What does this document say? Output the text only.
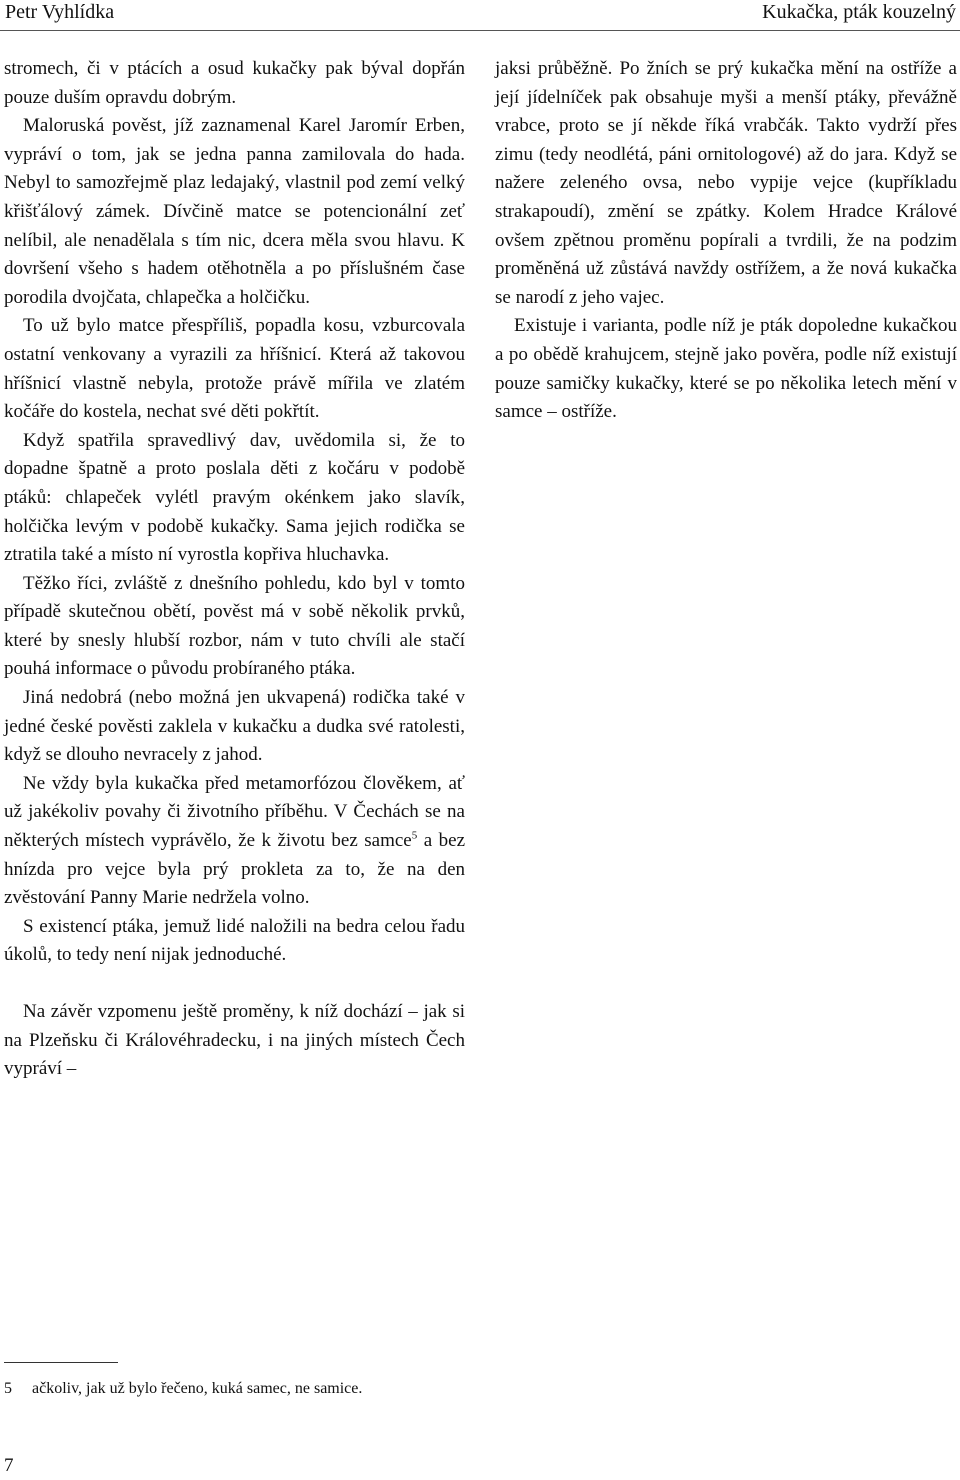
Petr Vyhlídka	Kukačka, pták kouzelný

stromech, či v ptácích a osud kukačky pak býval dopřán pouze duším opravdu dobrým.

Maloruská pověst, jíž zaznamenal Karel Jaromír Erben, vypráví o tom, jak se jedna panna zamilovala do hada. Nebyl to samozřejmě plaz ledajaký, vlastnil pod zemí velký křišťálový zámek. Dívčině matce se potencionální zeť nelíbil, ale nenadělala s tím nic, dcera měla svou hlavu. K dovršení všeho s hadem otěhotněla a po příslušném čase porodila dvojčata, chlapečka a holčičku.

To už bylo matce přespříliš, popadla kosu, vzburcovala ostatní venkovany a vyrazili za hříšnicí. Která až takovou hříšnicí vlastně nebyla, protože právě mířila ve zlatém kočáře do kostela, nechat své děti pokřtít.

Když spatřila spravedlivý dav, uvědomila si, že to dopadne špatně a proto poslala děti z kočáru v podobě ptáků: chlapeček vylétl pravým okénkem jako slavík, holčička levým v podobě kukačky. Sama jejich rodička se ztratila také a místo ní vyrostla kopřiva hluchavka.

Těžko říci, zvláště z dnešního pohledu, kdo byl v tomto případě skutečnou obětí, pověst má v sobě několik prvků, které by snesly hlubší rozbor, nám v tuto chvíli ale stačí pouhá informace o původu probíraného ptáka.

Jiná nedobrá (nebo možná jen ukvapená) rodička také v jedné české pověsti zaklela v kukačku a dudka své ratolesti, když se dlouho nevracely z jahod.

Ne vždy byla kukačka před metamorfózou člověkem, ať už jakékoliv povahy či životního příběhu. V Čechách se na některých místech vyprávělo, že k životu bez samce$^5$ a bez hnízda pro vejce byla prý prokleta za to, že na den zvěstování Panny Marie nedržela volno.

S existencí ptáka, jemuž lidé naložili na bedra celou řadu úkolů, to tedy není nijak jednoduché.

Na závěr vzpomenu ještě proměny, k níž dochází – jak si na Plzeňsku či Královéhradecku, i na jiných místech Čech vypráví –

jaksi průběžně. Po žních se prý kukačka mění na ostříže a její jídelníček pak obsahuje myši a menší ptáky, převážně vrabce, proto se jí někde říká vrabčák. Takto vydrží přes zimu (tedy neodlétá, páni ornitologové) až do jara. Když se nažere zeleného ovsa, nebo vypije vejce (kupříkladu strakapoudí), změní se zpátky. Kolem Hradce Králové ovšem zpětnou proměnu popírali a tvrdili, že na podzim proměněná už zůstává navždy ostřížem, a že nová kukačka se narodí z jeho vajec.

Existuje i varianta, podle níž je pták dopoledne kukačkou a po obědě krahujcem, stejně jako pověra, podle níž existují pouze samičky kukačky, které se po několika letech mění v samce – ostříže.

5	ačkoliv, jak už bylo řečeno, kuká samec, ne samice.
7
